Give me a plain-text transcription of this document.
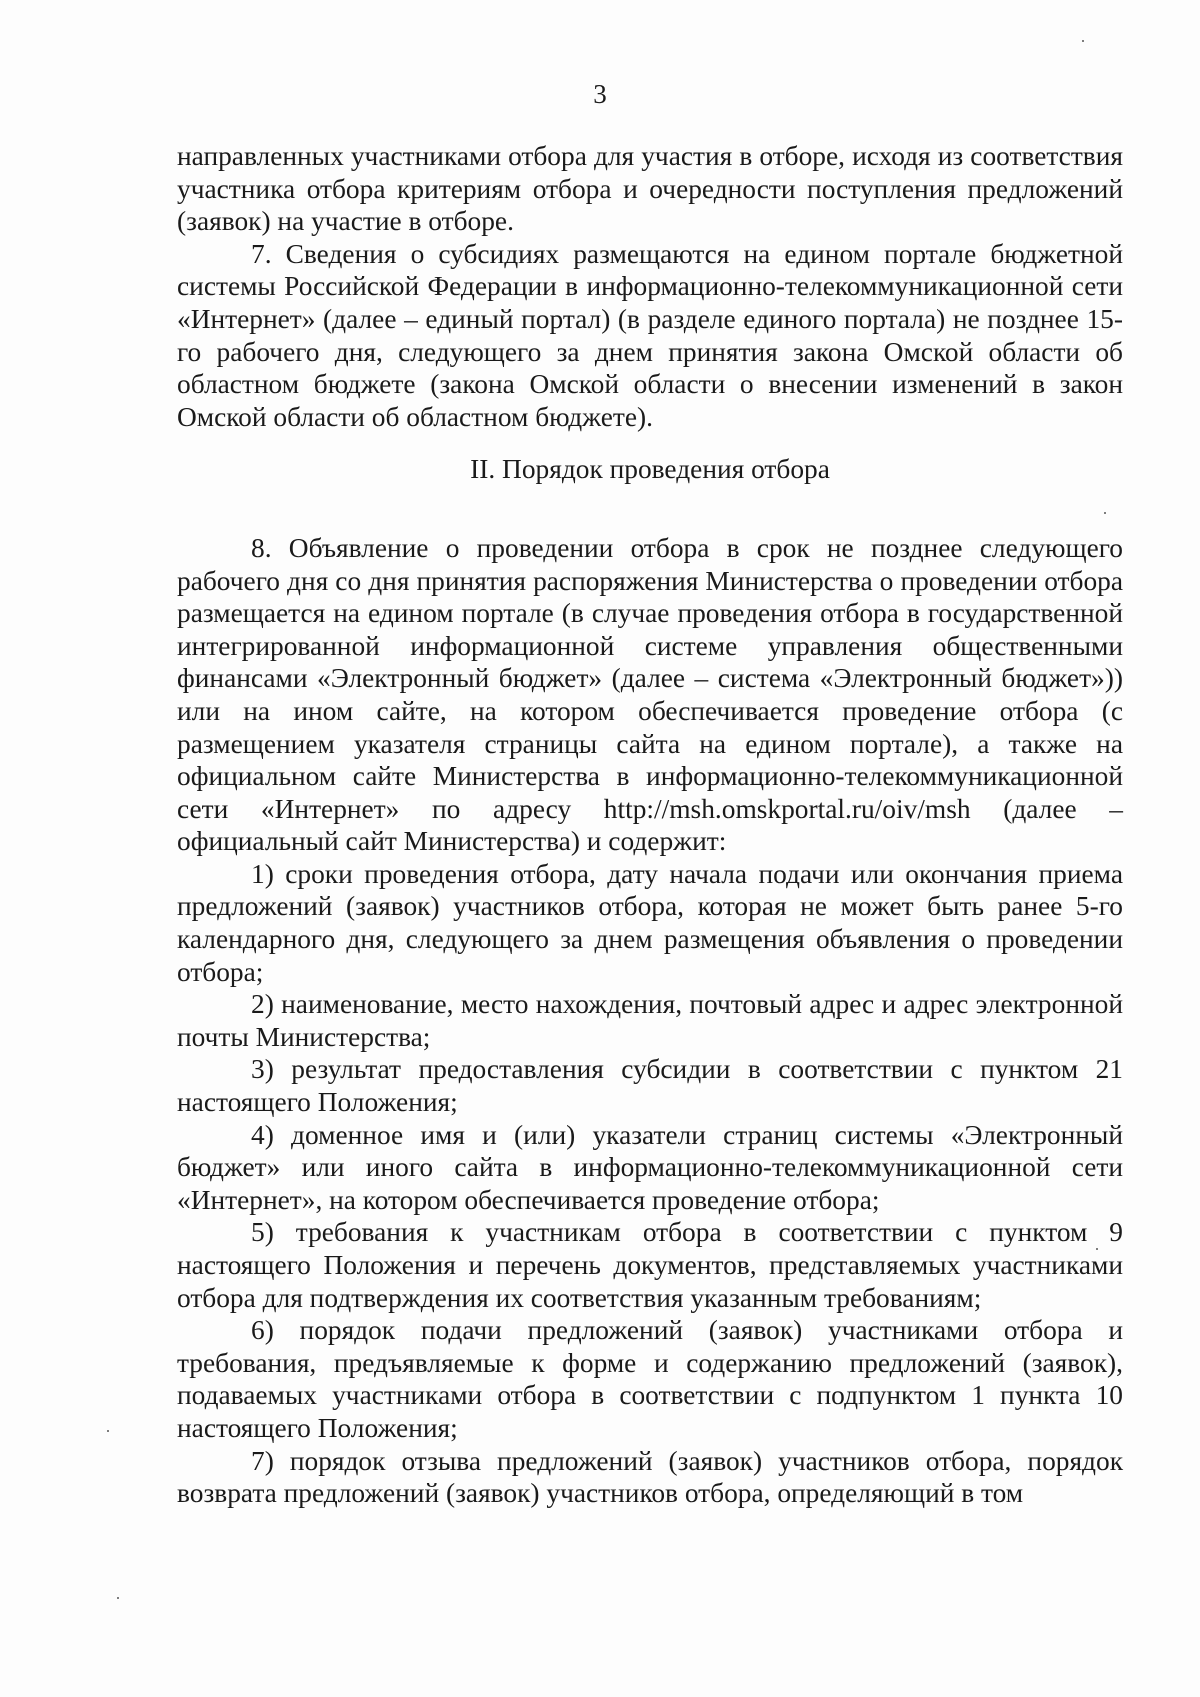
3

направленных участниками отбора для участия в отборе, исходя из соответствия участника отбора критериям отбора и очередности поступления предложений (заявок) на участие в отборе.

7. Сведения о субсидиях размещаются на едином портале бюджетной системы Российской Федерации в информационно-телекоммуникационной сети «Интернет» (далее – единый портал) (в разделе единого портала) не позднее 15-го рабочего дня, следующего за днем принятия закона Омской области об областном бюджете (закона Омской области о внесении изменений в закон Омской области об областном бюджете).

II. Порядок проведения отбора

8. Объявление о проведении отбора в срок не позднее следующего рабочего дня со дня принятия распоряжения Министерства о проведении отбора размещается на едином портале (в случае проведения отбора в государственной интегрированной информационной системе управления общественными финансами «Электронный бюджет» (далее – система «Электронный бюджет»)) или на ином сайте, на котором обеспечивается проведение отбора (с размещением указателя страницы сайта на едином портале), а также на официальном сайте Министерства в информационно-телекоммуникационной сети «Интернет» по адресу http://msh.omskportal.ru/oiv/msh (далее – официальный сайт Министерства) и содержит:

1) сроки проведения отбора, дату начала подачи или окончания приема предложений (заявок) участников отбора, которая не может быть ранее 5-го календарного дня, следующего за днем размещения объявления о проведении отбора;

2) наименование, место нахождения, почтовый адрес и адрес электронной почты Министерства;

3) результат предоставления субсидии в соответствии с пунктом 21 настоящего Положения;

4) доменное имя и (или) указатели страниц системы «Электронный бюджет» или иного сайта в информационно-телекоммуникационной сети «Интернет», на котором обеспечивается проведение отбора;

5) требования к участникам отбора в соответствии с пунктом 9 настоящего Положения и перечень документов, представляемых участниками отбора для подтверждения их соответствия указанным требованиям;

6) порядок подачи предложений (заявок) участниками отбора и требования, предъявляемые к форме и содержанию предложений (заявок), подаваемых участниками отбора в соответствии с подпунктом 1 пункта 10 настоящего Положения;

7) порядок отзыва предложений (заявок) участников отбора, порядок возврата предложений (заявок) участников отбора, определяющий в том
